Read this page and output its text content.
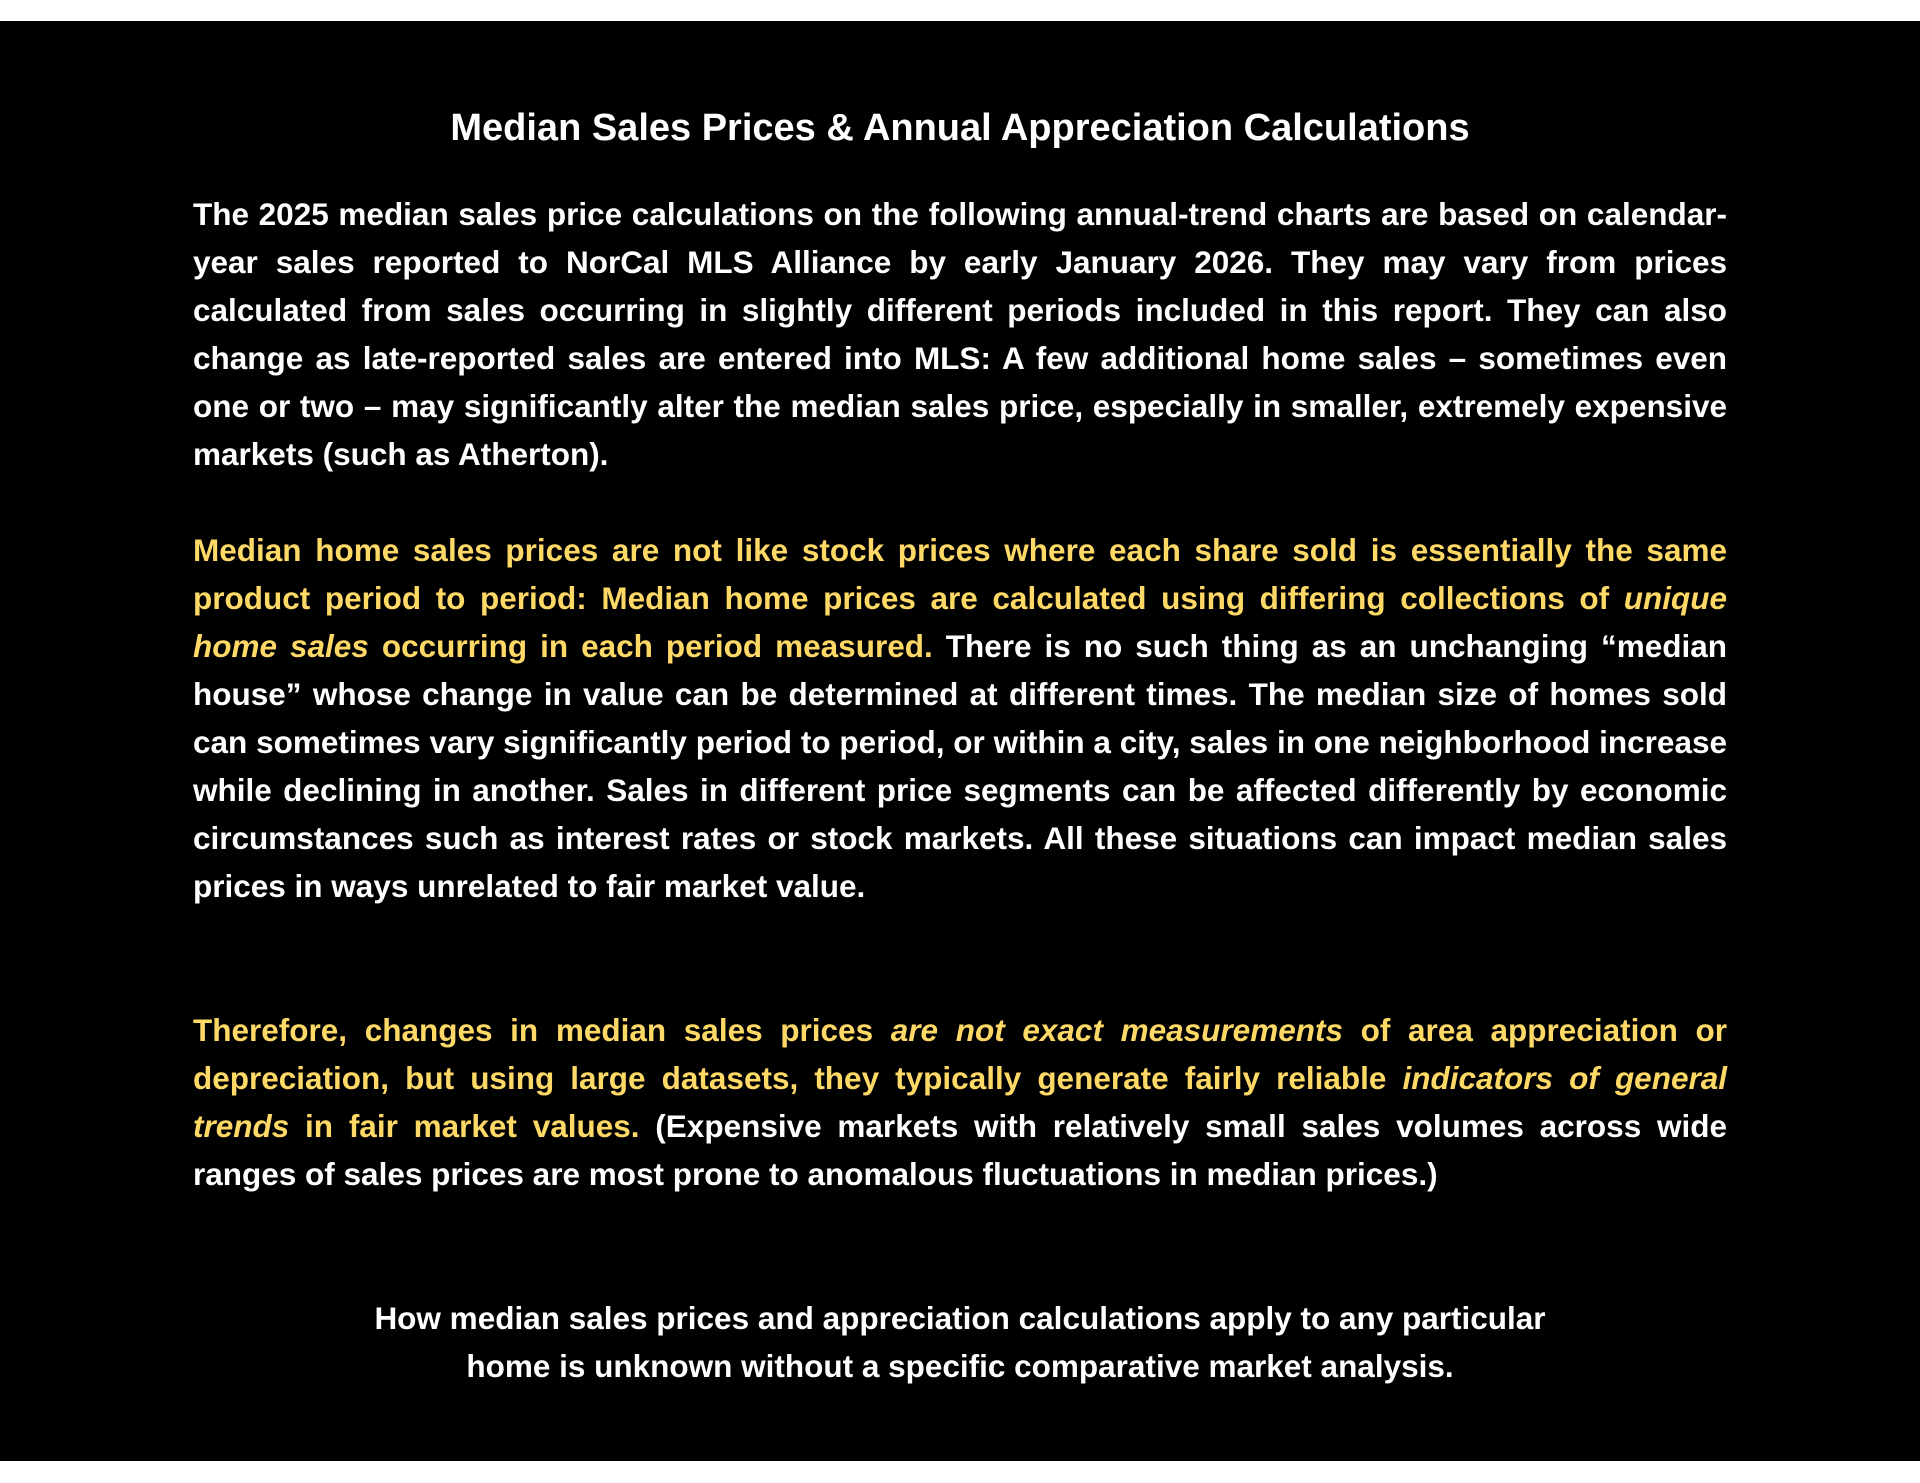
Median Sales Prices & Annual Appreciation Calculations

The 2025 median sales price calculations on the following annual-trend charts are based on calendar-year sales reported to NorCal MLS Alliance by early January 2026. They may vary from prices calculated from sales occurring in slightly different periods included in this report. They can also change as late-reported sales are entered into MLS: A few additional home sales – sometimes even one or two – may significantly alter the median sales price, especially in smaller, extremely expensive markets (such as Atherton).

Median home sales prices are not like stock prices where each share sold is essentially the same product period to period: Median home prices are calculated using differing collections of unique home sales occurring in each period measured. There is no such thing as an unchanging “median house” whose change in value can be determined at different times. The median size of homes sold can sometimes vary significantly period to period, or within a city, sales in one neighborhood increase while declining in another. Sales in different price segments can be affected differently by economic circumstances such as interest rates or stock markets. All these situations can impact median sales prices in ways unrelated to fair market value.

Therefore, changes in median sales prices are not exact measurements of area appreciation or depreciation, but using large datasets, they typically generate fairly reliable indicators of general trends in fair market values. (Expensive markets with relatively small sales volumes across wide ranges of sales prices are most prone to anomalous fluctuations in median prices.)

How median sales prices and appreciation calculations apply to any particular
home is unknown without a specific comparative market analysis.
